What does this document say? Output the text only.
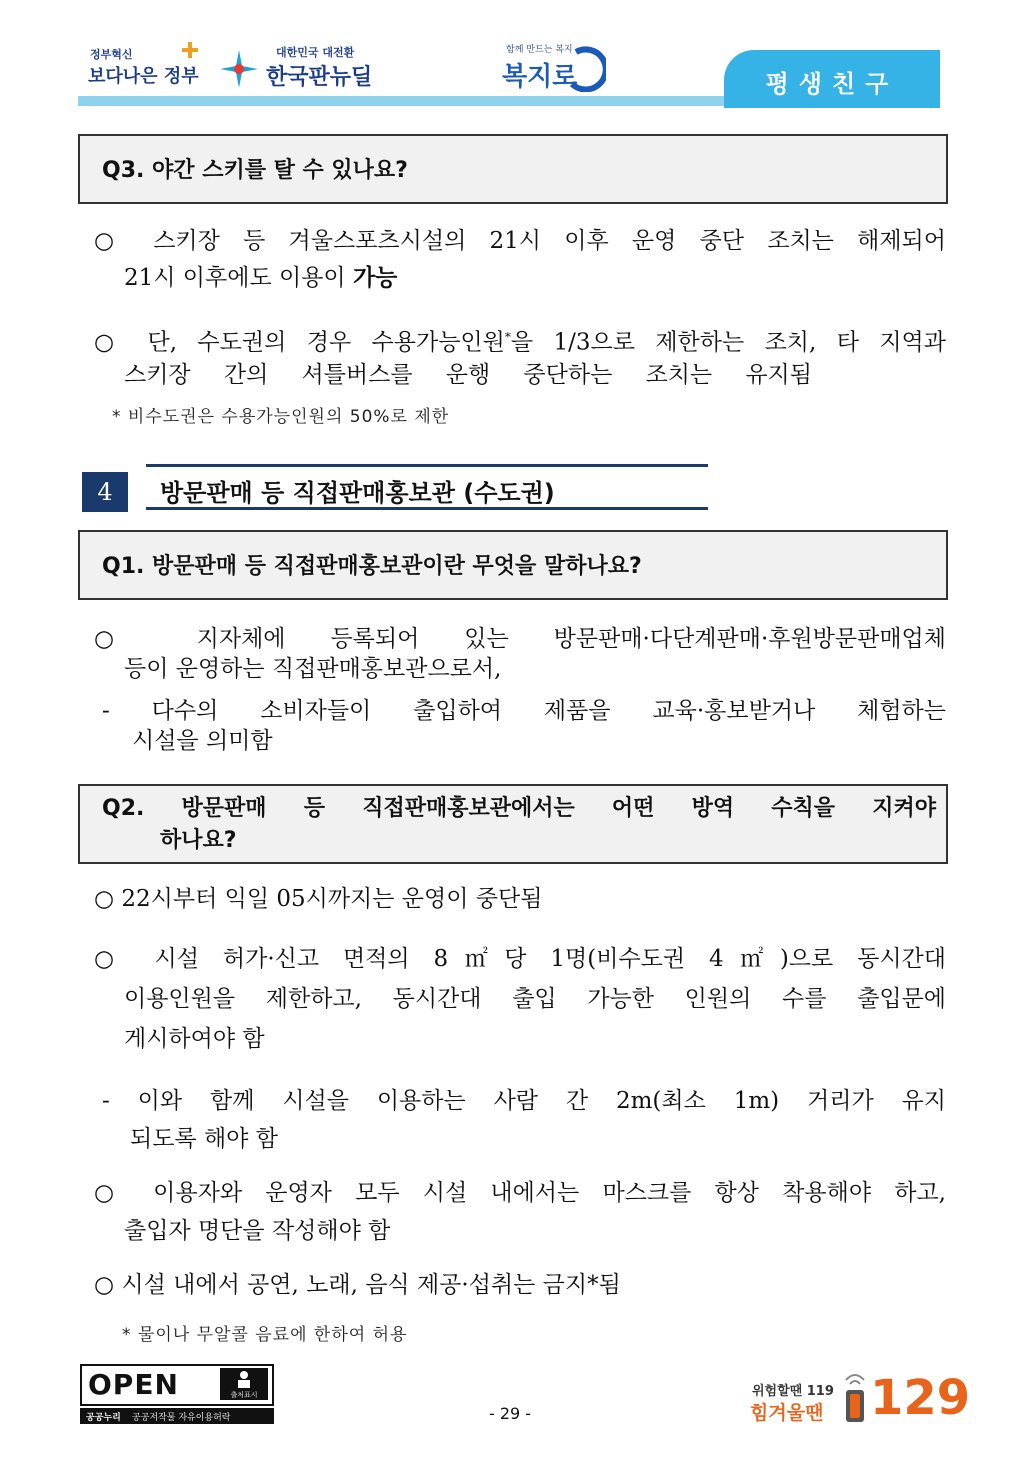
정부혁신
보다나은 정부
대한민국 대전환
한국판뉴딜
함께 만드는 복지
복지로	평생친구
Q3. 야간 스키를 탈 수 있나요?
○ 스키장 등 겨울스포츠시설의 21시 이후 운영 중단 조치는 해제되어
21시 이후에도 이용이 가능
○ 단, 수도권의 경우 수용가능인원*을 1/3으로 제한하는 조치, 타 지역과
스키장 간의 셔틀버스를 운행 중단하는 조치는 유지됨
* 비수도권은 수용가능인원의 50%로 제한
4	방문판매 등 직접판매홍보관 (수도권)
Q1. 방문판매 등 직접판매홍보관이란 무엇을 말하나요?
○ 지자체에 등록되어 있는 방문판매·다단계판매·후원방문판매업체
등이 운영하는 직접판매홍보관으로서,
- 다수의 소비자들이 출입하여 제품을 교육·홍보받거나 체험하는
시설을 의미함
Q2. 방문판매 등 직접판매홍보관에서는 어떤 방역 수칙을 지켜야
하나요?
○ 22시부터 익일 05시까지는 운영이 중단됨
○ 시설 허가·신고 면적의 8㎡당 1명(비수도권 4㎡)으로 동시간대
이용인원을 제한하고, 동시간대 출입 가능한 인원의 수를 출입문에
게시하여야 함
- 이와 함께 시설을 이용하는 사람 간 2m(최소 1m) 거리가 유지
되도록 해야 함
○ 이용자와 운영자 모두 시설 내에서는 마스크를 항상 착용해야 하고,
출입자 명단을 작성해야 함
○ 시설 내에서 공연, 노래, 음식 제공·섭취는 금지*됨
* 물이나 무알콜 음료에 한하여 허용
OPEN	출처표시
공공누리 공공저작물 자유이용허락	- 29 -
위험할땐 119
힘겨울땐 129
